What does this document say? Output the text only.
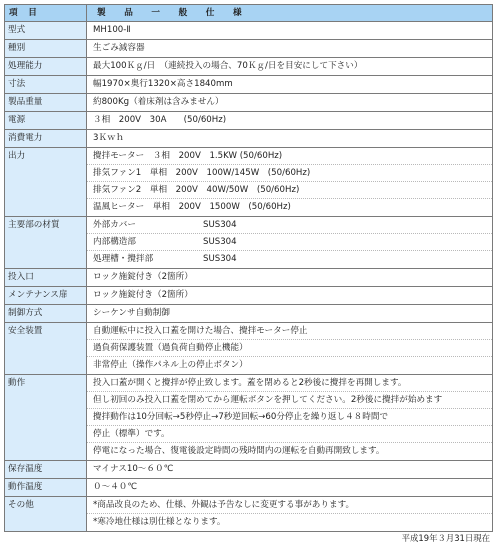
項　目	製　品　一　般　仕　様
型式	MH100-Ⅱ

種別	生ごみ減容器

処理能力	最大100Ｋｇ/日　（連続投入の場合、70Ｋｇ/日を目安にして下さい）

寸法	幅1970×奥行1320×高さ1840mm

製品重量	約800Kg（着床剤は含みません）

電源	３相　200V　30A　　(50/60Hz)

消費電力	3Ｋｗｈ

出力	攪拌モーター　３相　200V　1.5KW (50/60Hz)
排気ファン1　単相　200V　100W/145W　(50/60Hz)
排気ファン2　単相　200V　40W/50W　(50/60Hz)
温風ヒーター　単相　200V　1500W　(50/60Hz)

主要部の材質	外部カバー SUS304
内部構造部 SUS304
処理槽・攪拌部 SUS304

投入口	ロック施錠付き（2箇所）

メンテナンス扉	ロック施錠付き（2箇所）

制御方式	シーケンサ自動制御

安全装置	自動運転中に投入口蓋を開けた場合、攪拌モーター停止
過負荷保護装置（過負荷自動停止機能）
非常停止（操作パネル上の停止ボタン）

動作	投入口蓋が開くと攪拌が停止致します。蓋を閉めると2秒後に攪拌を再開します。
但し初回のみ投入口蓋を閉めてから運転ボタンを押してください。2秒後に攪拌が始めます
攪拌動作は10分回転→5秒停止→7秒逆回転→60分停止を繰り返し４８時間で
停止（標準）です。
停電になった場合、復電後設定時間の残時間内の運転を自動再開致します。

保存温度	マイナス10～６０℃

動作温度	０～４０℃

その他	*商品改良のため、仕様、外観は予告なしに変更する事があります。
*寒冷地仕様は別仕様となります。
平成19年３月31日現在
